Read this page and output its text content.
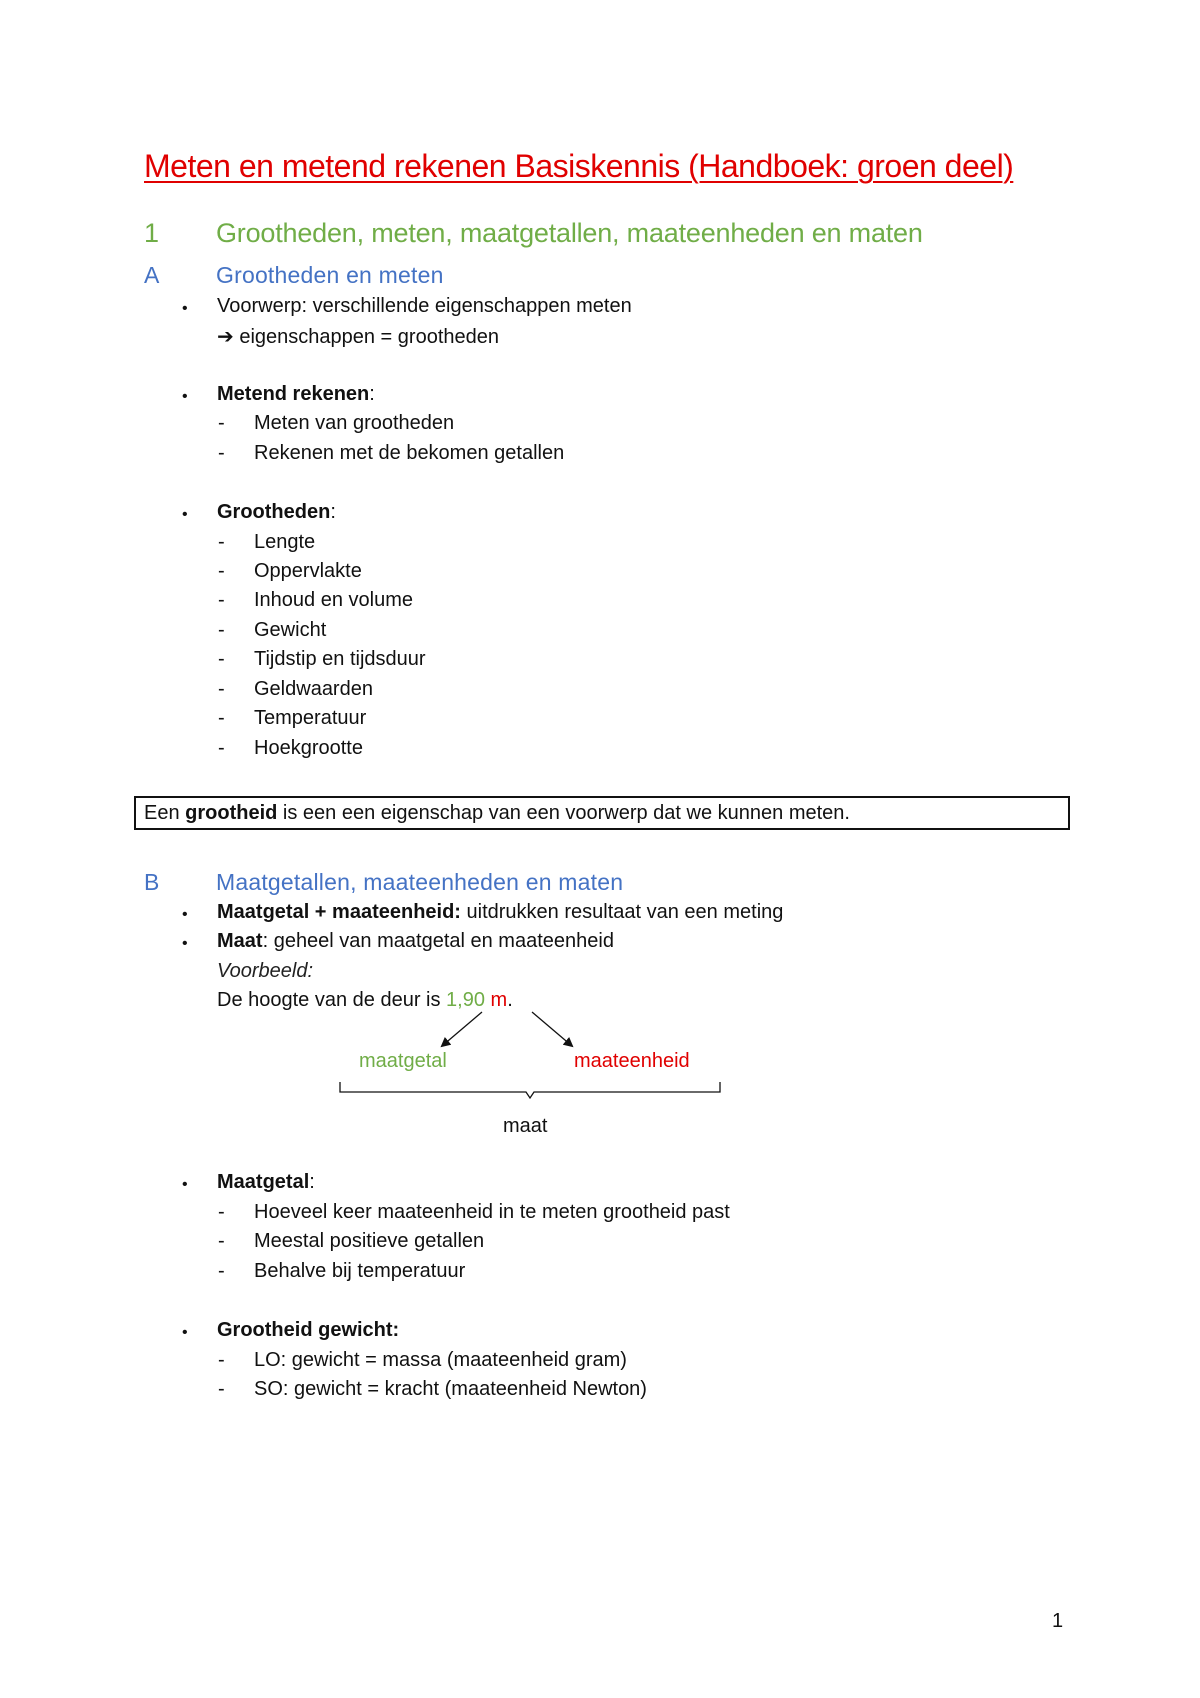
Meten en metend rekenen Basiskennis (Handboek: groen deel)
1 Grootheden, meten, maatgetallen, maateenheden en maten
A Grootheden en meten
• Voorwerp: verschillende eigenschappen meten
➔ eigenschappen = grootheden
• Metend rekenen:
- Meten van grootheden
- Rekenen met de bekomen getallen
• Grootheden:
- Lengte
- Oppervlakte
- Inhoud en volume
- Gewicht
- Tijdstip en tijdsduur
- Geldwaarden
- Temperatuur
- Hoekgrootte
Een grootheid is een een eigenschap van een voorwerp dat we kunnen meten.
B Maatgetallen, maateenheden en maten
• Maatgetal + maateenheid: uitdrukken resultaat van een meting
• Maat: geheel van maatgetal en maateenheid
Voorbeeld:
De hoogte van de deur is 1,90 m.
maatgetal	maateenheid
maat
• Maatgetal:
- Hoeveel keer maateenheid in te meten grootheid past
- Meestal positieve getallen
- Behalve bij temperatuur
• Grootheid gewicht:
- LO: gewicht = massa (maateenheid gram)
- SO: gewicht = kracht (maateenheid Newton)
1
